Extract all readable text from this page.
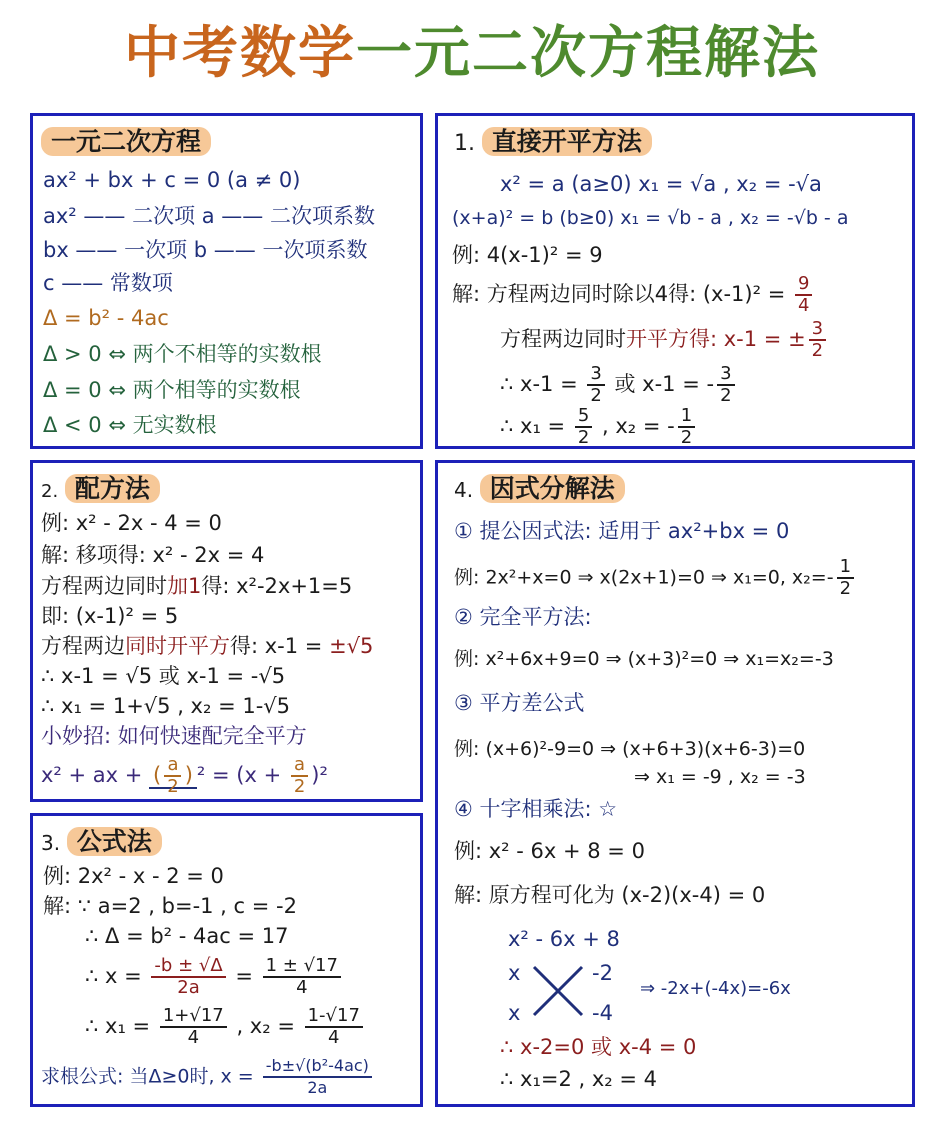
中考数学一元二次方程解法
一元二次方程
ax² + bx + c = 0 (a ≠ 0)
ax² —— 二次项 a —— 二次项系数
bx —— 一次项 b —— 一次项系数
c —— 常数项
Δ = b² - 4ac
Δ > 0 ⇔ 两个不相等的实数根
Δ = 0 ⇔ 两个相等的实数根
Δ < 0 ⇔ 无实数根
1. 直接开平方法
x² = a (a≥0) x₁ = √a , x₂ = -√a
(x+a)² = b (b≥0) x₁ = √b - a , x₂ = -√b - a
例: 4(x-1)² = 9
解: 方程两边同时除以4得: $(x-1)^2 = \frac{9}{4}$
方程两边同时开平方得: x-1 = ± $\frac{3}{2}$
∴ $x-1 = \frac{3}{2}$ 或 x-1 = - $\frac{3}{2}$
∴ $x_1 = \frac{5}{2}$ , x₂ = - $\frac{1}{2}$
2. 配方法
例: x² - 2x - 4 = 0
解: 移项得: x² - 2x = 4
方程两边同时加1得: x²-2x+1=5
即: (x-1)² = 5
方程两边同时开平方得: x-1 = ±√5
∴ x-1 = √5 或 x-1 = -√5
∴ x₁ = 1+√5 , x₂ = 1-√5
小妙招: 如何快速配完全平方
x² + ax + ( $\frac{a}{2}$ ) $^2 = (x + \frac{a}{2} )^2$
3. 公式法
例: 2x² - x - 2 = 0
解: ∵ a=2 , b=-1 , c = -2
∴ Δ = b² - 4ac = 17
∴ $x = \frac{-b \pm √\Delta}{2a} = \frac{1 \pm √17}{4}$
∴ $x_1 = \frac{1+√17}{4}$ , $x_2 = \frac{1-√17}{4}$
求根公式: 当Δ≥0时, $x = \frac{\text{-b±√(b²-4ac)}}{2a}$
4. 因式分解法
① 提公因式法: 适用于 ax²+bx = 0
例: 2x²+x=0 ⇒ x(2x+1)=0 ⇒ x₁=0, $x_2=- \frac{1}{2}$
② 完全平方法:
例: x²+6x+9=0 ⇒ (x+3)²=0 ⇒ x₁=x₂=-3
③ 平方差公式
例: (x+6)²-9=0 ⇒ (x+6+3)(x+6-3)=0
⇒ x₁ = -9 , x₂ = -3
④ 十字相乘法: ☆
例: x² - 6x + 8 = 0
解: 原方程可化为 (x-2)(x-4) = 0
x² - 6x + 8
x
x
-2
-4
⇒ -2x+(-4x)=-6x
∴ x-2=0 或 x-4 = 0
∴ x₁=2 , x₂ = 4
